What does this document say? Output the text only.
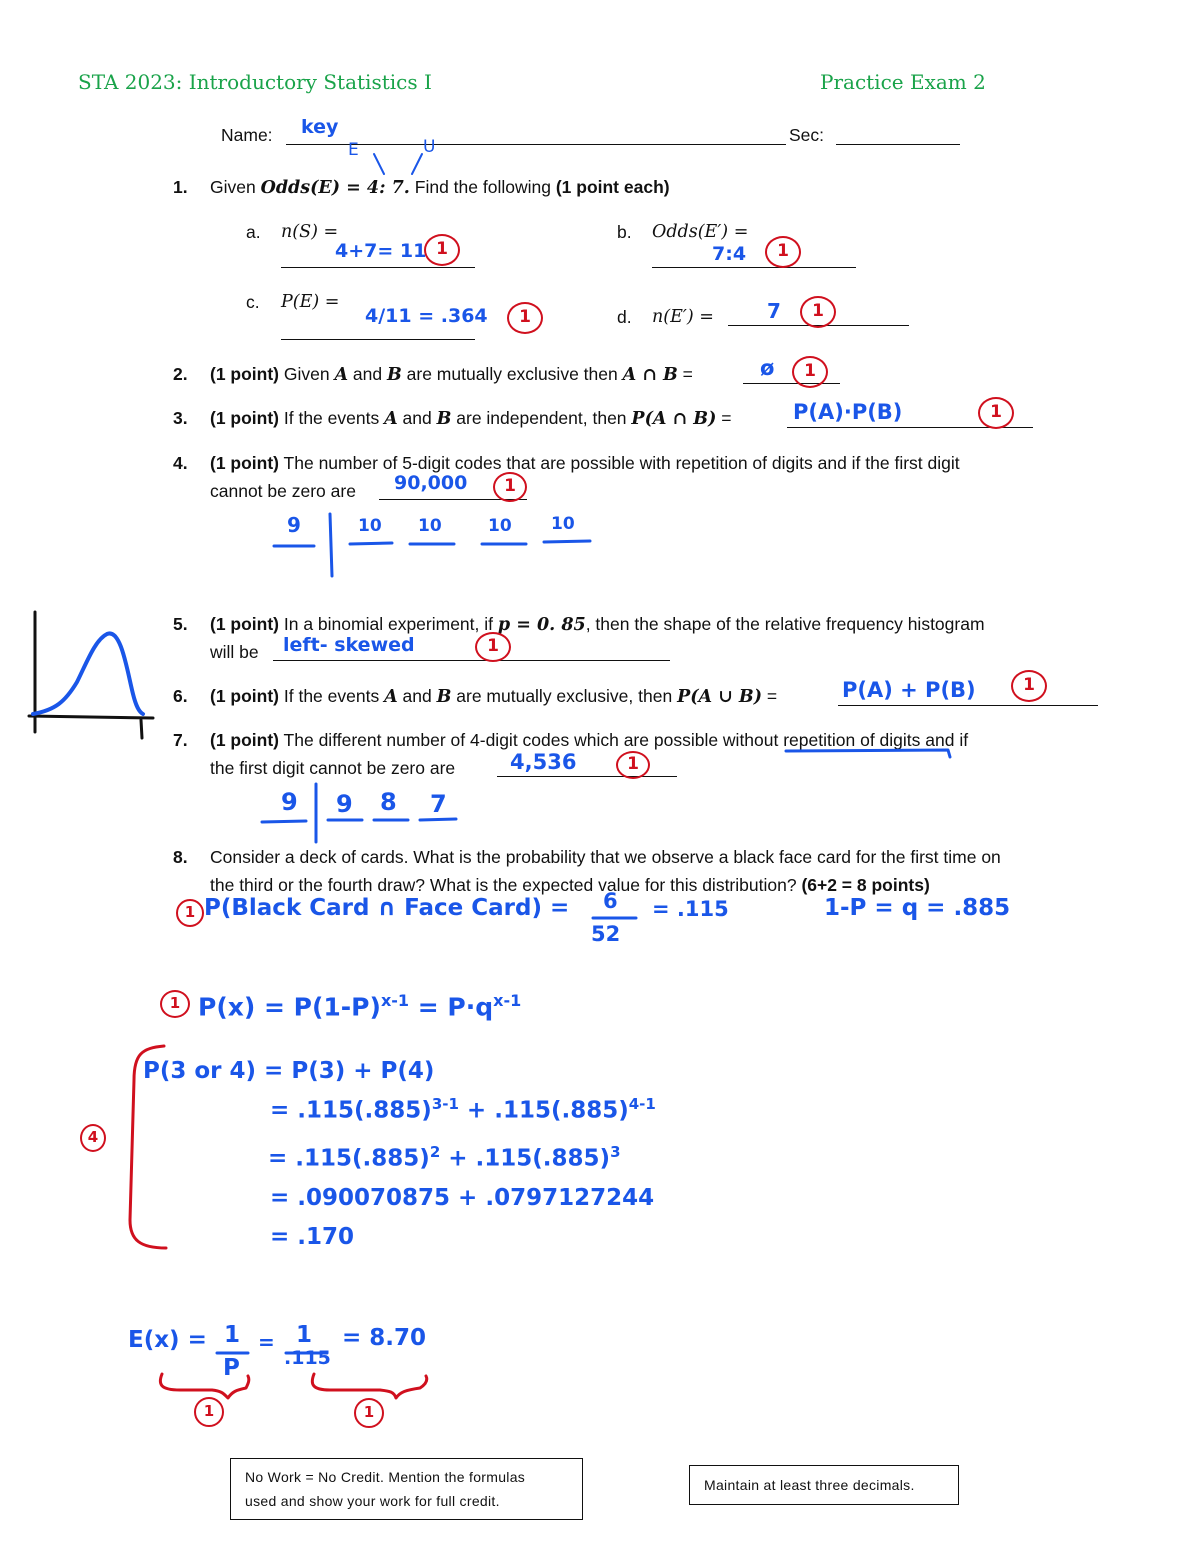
STA 2023: Introductory Statistics I	Practice Exam 2
Name: key	Sec:
E	U
1. Given Odds(E) = 4: 7. Find the following (1 point each)
a. n(S) =
4+7= 11 1
b. Odds(E′) =
7:4	1
c. P(E) =
4/11 = .364	1	d. n(E′) =	7	1
2. (1 point) Given A and B are mutually exclusive then A ∩ B =	ø	1
3. (1 point) If the events A and B are independent, then P(A ∩ B) =	P(A)·P(B)	1
4. (1 point) The number of 5-digit codes that are possible with repetition of digits and if the first digit
cannot be zero are 90,000	1
9	10 10	10 10
5. (1 point) In a binomial experiment, if p = 0. 85, then the shape of the relative frequency histogram
will be left- skewed	1
6. (1 point) If the events A and B are mutually exclusive, then P(A ∪ B) =	P(A) + P(B)	1
7. (1 point) The different number of 4-digit codes which are possible without repetition of digits and if
the first digit cannot be zero are	4,536	1
9 9 8 7
8. Consider a deck of cards. What is the probability that we observe a black face card for the first time on
the third or the fourth draw? What is the expected value for this distribution? (6+2 = 8 points)
1 P(Black Card ∩ Face Card) = 6
52
= .115	1-P = q = .885
1 $P(x) = P(1-P)^{x-1} = P\cdot q^{x-1}$
4
P(3 or 4) = P(3) + P(4)
= $.115(.885)^{3-1} + .115(.885)^{4-1}$
= $.115(.885)^2 + .115(.885)^3$
= .090070875 + .0797127244
= .170
E(x) = 1
P
= 1
.115
= 8.70
1	1
No Work = No Credit. Mention the formulas
used and show your work for full credit.
Maintain at least three decimals.
